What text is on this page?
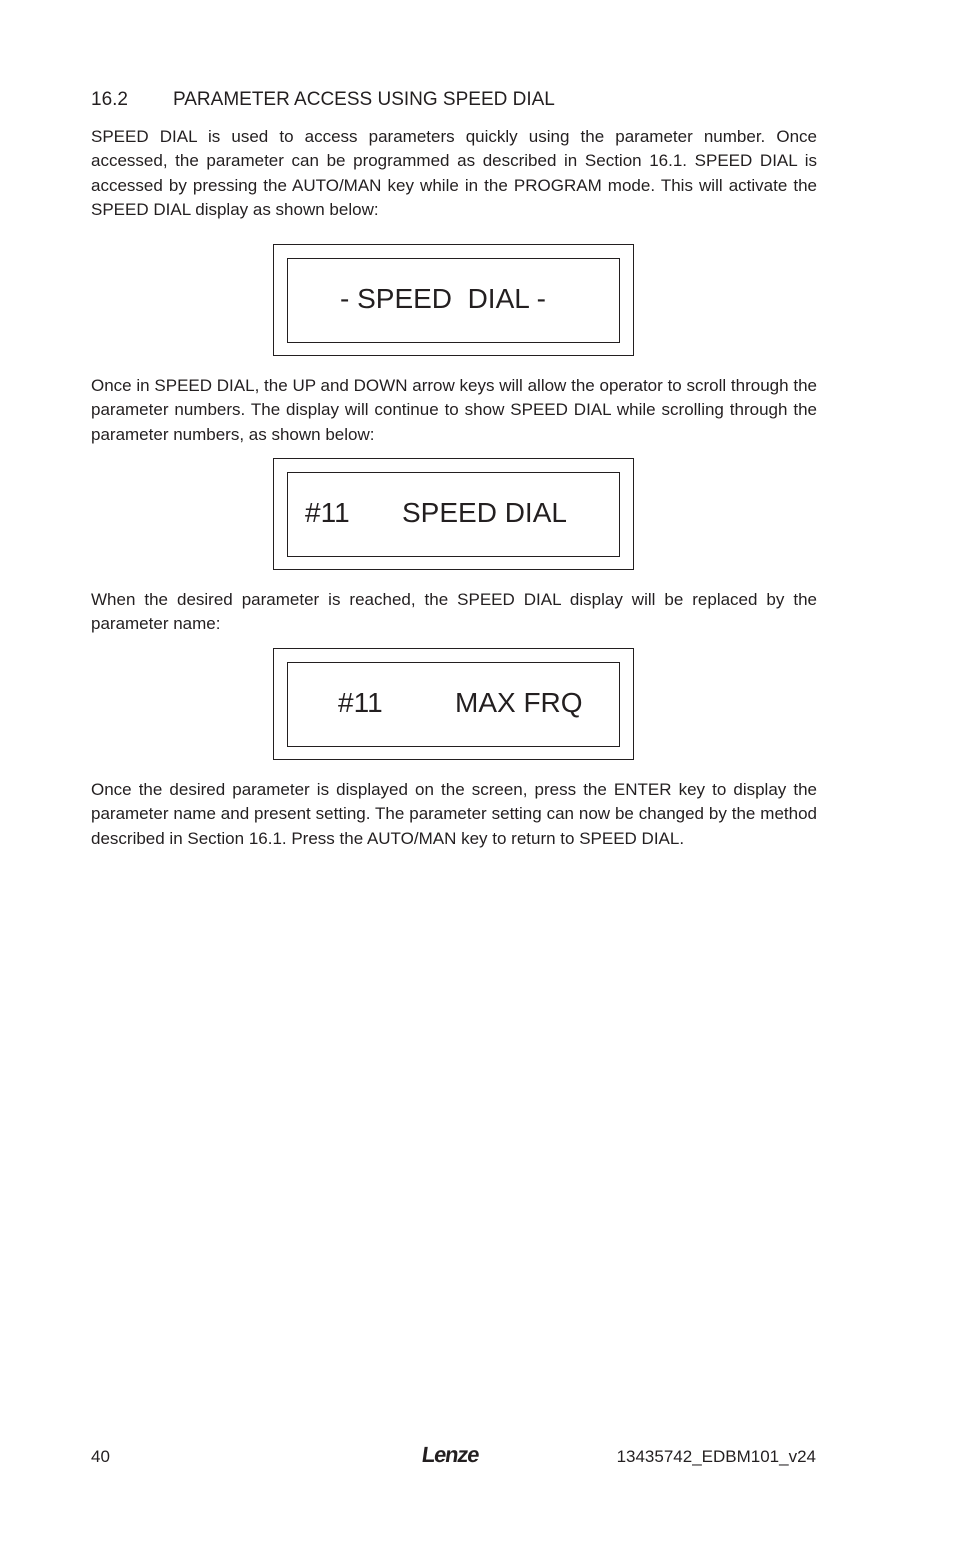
16.2 PARAMETER ACCESS USING SPEED DIAL

SPEED DIAL is used to access parameters quickly using the parameter number. Once accessed, the parameter can be programmed as described in Section 16.1. SPEED DIAL is accessed by pressing the AUTO/MAN key while in the PROGRAM mode. This will activate the SPEED DIAL display as shown below:

- SPEED  DIAL -

Once in SPEED DIAL, the UP and DOWN arrow keys will allow the operator to scroll through the parameter numbers. The display will continue to show SPEED DIAL while scrolling through the parameter numbers, as shown below:

#11 SPEED DIAL

When the desired parameter is reached, the SPEED DIAL display will be replaced by the parameter name:

#11	MAX FRQ

Once the desired parameter is displayed on the screen, press the ENTER key to display the parameter name and present setting. The parameter setting can now be changed by the method described in Section 16.1. Press the AUTO/MAN key to return to SPEED DIAL.

40	Lenze	13435742_EDBM101_v24
